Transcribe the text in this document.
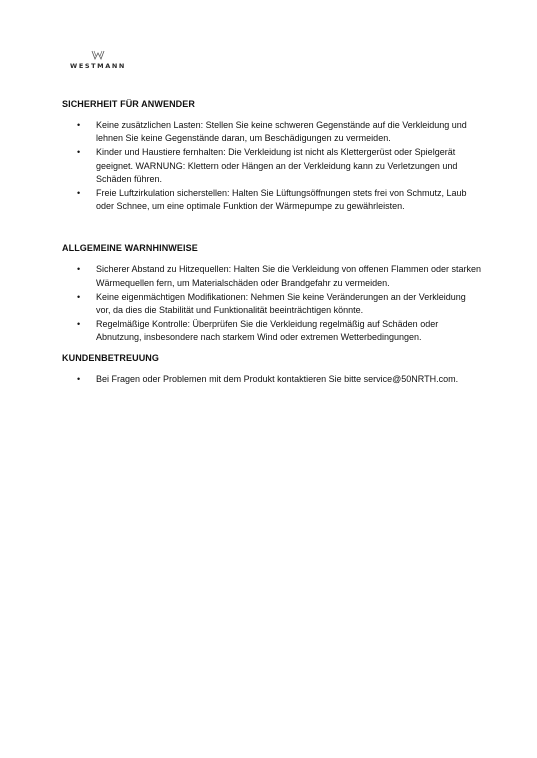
WESTMANN
SICHERHEIT FÜR ANWENDER
• Keine zusätzlichen Lasten: Stellen Sie keine schweren Gegenstände auf die Verkleidung und lehnen Sie keine Gegenstände daran, um Beschädigungen zu vermeiden.
• Kinder und Haustiere fernhalten: Die Verkleidung ist nicht als Klettergerüst oder Spielgerät geeignet. WARNUNG: Klettern oder Hängen an der Verkleidung kann zu Verletzungen und Schäden führen.
• Freie Luftzirkulation sicherstellen: Halten Sie Lüftungsöffnungen stets frei von Schmutz, Laub oder Schnee, um eine optimale Funktion der Wärmepumpe zu gewährleisten.
ALLGEMEINE WARNHINWEISE
• Sicherer Abstand zu Hitzequellen: Halten Sie die Verkleidung von offenen Flammen oder starken Wärmequellen fern, um Materialschäden oder Brandgefahr zu vermeiden.
• Keine eigenmächtigen Modifikationen: Nehmen Sie keine Veränderungen an der Verkleidung vor, da dies die Stabilität und Funktionalität beeinträchtigen könnte.
• Regelmäßige Kontrolle: Überprüfen Sie die Verkleidung regelmäßig auf Schäden oder Abnutzung, insbesondere nach starkem Wind oder extremen Wetterbedingungen.
KUNDENBETREUUNG
• Bei Fragen oder Problemen mit dem Produkt kontaktieren Sie bitte service@50NRTH.com.
